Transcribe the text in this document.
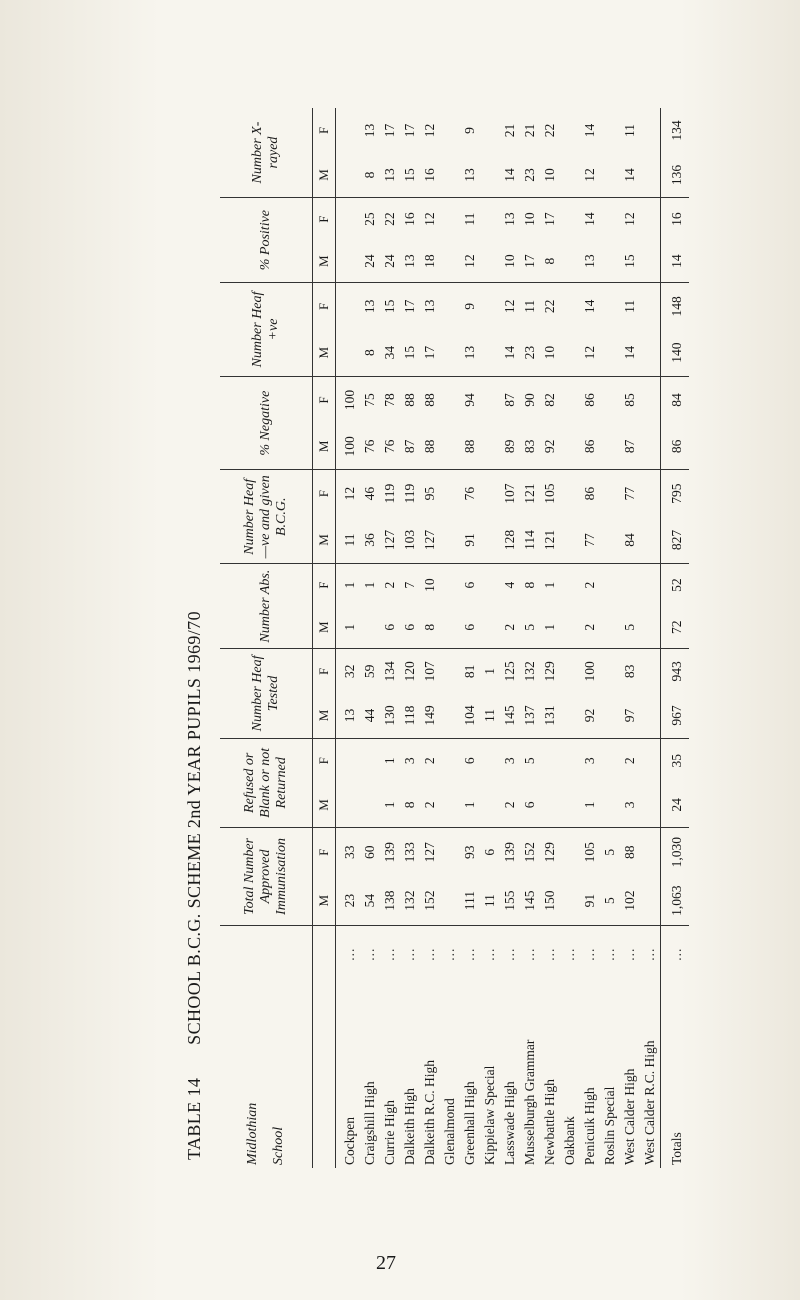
TABLE 14 SCHOOL B.C.G. SCHEME 2nd YEAR PUPILS 1969/70
Midlothian School		Total Number Approved Immunisation		Refused or Blank or not Returned		Number Heaf Tested		Number Abs.		Number Heaf —ve and given B.C.G.		% Negative		Number Heaf +ve		% Positive		Number X-rayed	
		M	F	M	F	M	F	M	F	M	F	M	F	M	F	M	F	M	F
Cockpen	...	23	33			13	32	1	1	11	12	100	100						
Craigshill High	...	54	60			44	59		1	36	46	76	75	8	13	24	25	8	13
Currie High	...	138	139	1	1	130	134	6	2	127	119	76	78	34	15	24	22	13	17
Dalkeith High	...	132	133	8	3	118	120	6	7	103	119	87	88	15	17	13	16	15	17
Dalkeith R.C. High	...	152	127	2	2	149	107	8	10	127	95	88	88	17	13	18	12	16	12
Glenalmond	...																		
Greenhall High	...	111	93	1	6	104	81	6	6	91	76	88	94	13	9	12	11	13	9
Kippielaw Special	...	11	6			11	1												
Lasswade High	...	155	139	2	3	145	125	2	4	128	107	89	87	14	12	10	13	14	21
Musselburgh Grammar	...	145	152	6	5	137	132	5	8	114	121	83	90	23	11	17	10	23	21
Newbattle High	...	150	129			131	129	1	1	121	105	92	82	10	22	8	17	10	22
Oakbank	...																		
Penicuik High	...	91	105	1	3	92	100	2	2	77	86	86	86	12	14	13	14	12	14
Roslin Special	...	5	5																
West Calder High	...	102	88	3	2	97	83	5		84	77	87	85	14	11	15	12	14	11
West Calder R.C. High	...																		
Totals	...	1,063	1,030	24	35	967	943	72	52	827	795	86	84	140	148	14	16	136	134
27
